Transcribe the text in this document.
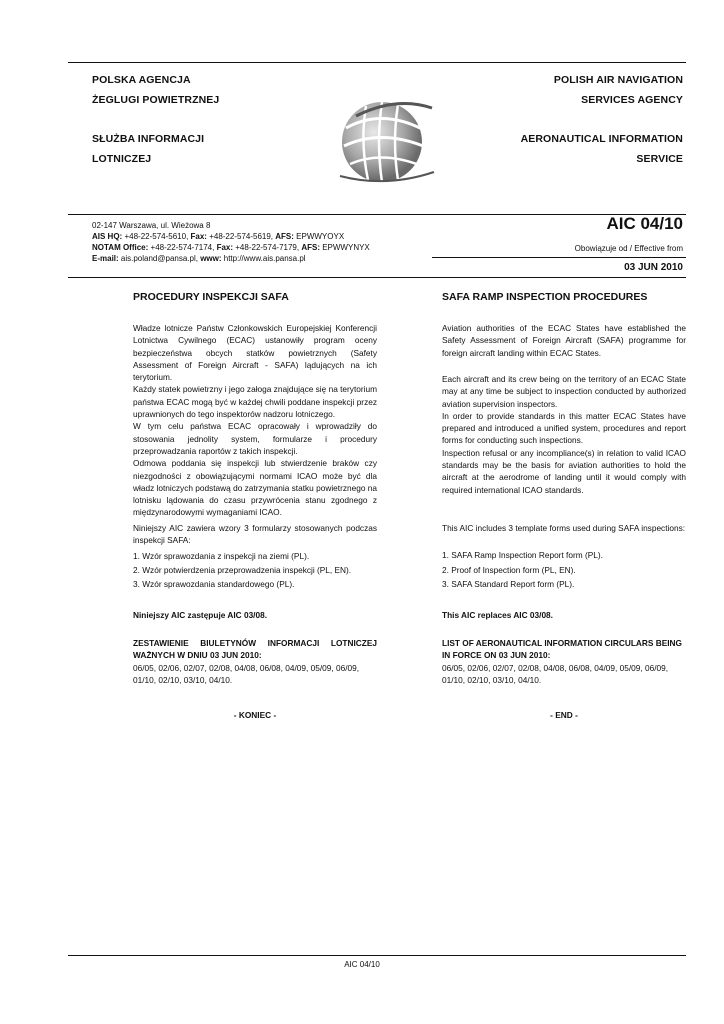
POLSKA AGENCJA
ŻEGLUGI POWIETRZNEJ
SŁUŻBA INFORMACJI
LOTNICZEJ
POLISH AIR NAVIGATION
SERVICES AGENCY
AERONAUTICAL INFORMATION
SERVICE
02-147 Warszawa, ul. Wieżowa 8
AIS HQ: +48-22-574-5610, Fax: +48-22-574-5619, AFS: EPWWYOYX
NOTAM Office: +48-22-574-7174, Fax: +48-22-574-7179, AFS: EPWWYNYX
E-mail: ais.poland@pansa.pl, www: http://www.ais.pansa.pl
AIC 04/10
Obowiązuje od / Effective from
03 JUN 2010
PROCEDURY INSPEKCJI SAFA

Władze lotnicze Państw Członkowskich Europejskiej Konferencji Lotnictwa Cywilnego (ECAC) ustanowiły program oceny bezpieczeństwa obcych statków powietrznych (Safety Assessment of Foreign Aircraft - SAFA) lądujących na ich terytorium.

Każdy statek powietrzny i jego załoga znajdujące się na terytorium państwa ECAC mogą być w każdej chwili poddane inspekcji przez uprawnionych do tego inspektorów nadzoru lotniczego.

W tym celu państwa ECAC opracowały i wprowadziły do stosowania jednolity system, formularze i procedury przeprowadzania raportów z takich inspekcji.

Odmowa poddania się inspekcji lub stwierdzenie braków czy niezgodności z obowiązującymi normami ICAO może być dla władz lotniczych podstawą do zatrzymania statku powietrznego na lotnisku lądowania do czasu przywrócenia stanu zgodnego z międzynarodowymi wymaganiami ICAO.

Niniejszy AIC zawiera wzory 3 formularzy stosowanych podczas inspekcji SAFA:

1. Wzór sprawozdania z inspekcji na ziemi (PL).

2. Wzór potwierdzenia przeprowadzenia inspekcji (PL, EN).

3. Wzór sprawozdania standardowego (PL).

Niniejszy AIC zastępuje AIC 03/08.

ZESTAWIENIE BIULETYNÓW INFORMACJI LOTNICZEJ WAŻNYCH W DNIU 03 JUN 2010:

06/05, 02/06, 02/07, 02/08, 04/08, 06/08, 04/09, 05/09, 06/09, 01/10, 02/10, 03/10, 04/10.

- KONIEC -
SAFA RAMP INSPECTION PROCEDURES

Aviation authorities of the ECAC States have established the Safety Assessment of Foreign Aircraft (SAFA) programme for foreign aircraft landing within ECAC States.

Each aircraft and its crew being on the territory of an ECAC State may at any time be subject to inspection conducted by authorized aviation supervision inspectors.

In order to provide standards in this matter ECAC States have prepared and introduced a unified system, procedures and report forms for conducting such inspections.

Inspection refusal or any incompliance(s) in relation to valid ICAO standards may be the basis for aviation authorities to hold the aircraft at the aerodrome of landing until it would comply with required international ICAO standards.

This AIC includes 3 template forms used during SAFA inspections:

1. SAFA Ramp Inspection Report form (PL).

2. Proof of Inspection form (PL, EN).

3. SAFA Standard Report form (PL).

This AIC replaces AIC 03/08.

LIST OF AERONAUTICAL INFORMATION CIRCULARS BEING IN FORCE ON 03 JUN 2010:

06/05, 02/06, 02/07, 02/08, 04/08, 06/08, 04/09, 05/09, 06/09, 01/10, 02/10, 03/10, 04/10.

- END -
AIC 04/10
